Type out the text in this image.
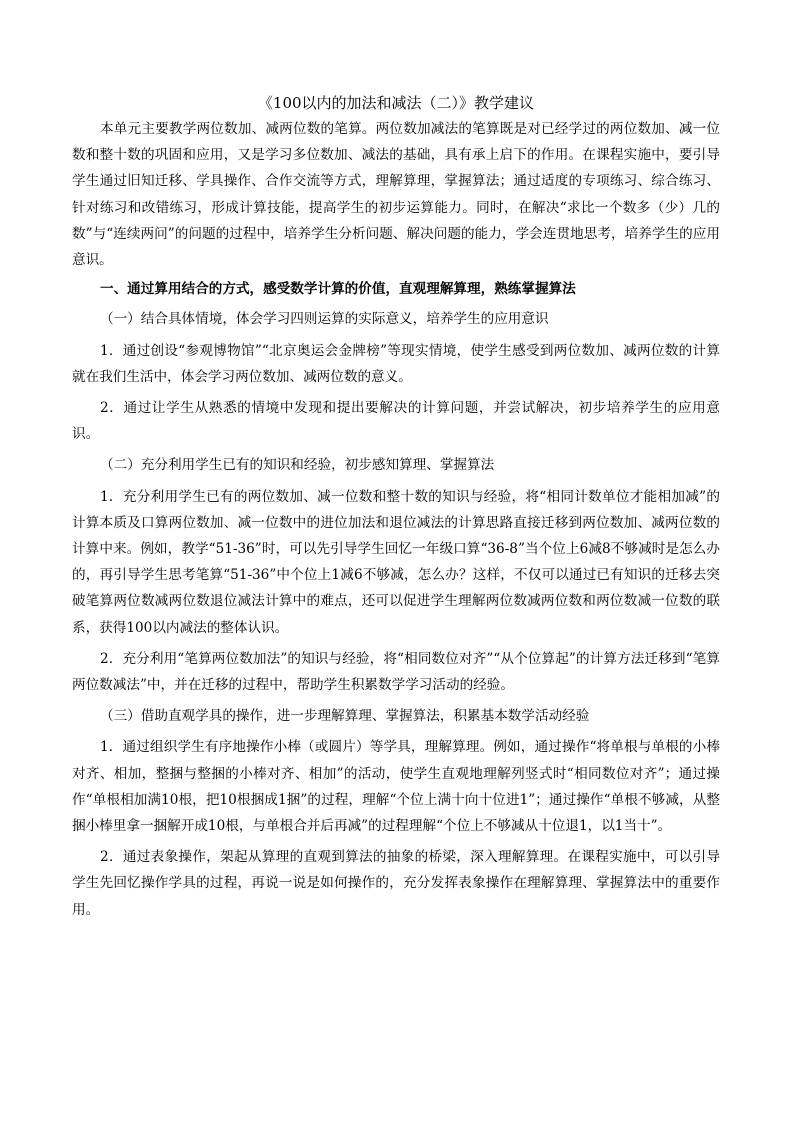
《100以内的加法和减法（二）》教学建议

本单元主要教学两位数加、减两位数的笔算。两位数加减法的笔算既是对已经学过的两位数加、减一位数和整十数的巩固和应用，又是学习多位数加、减法的基础，具有承上启下的作用。在课程实施中，要引导学生通过旧知迁移、学具操作、合作交流等方式，理解算理，掌握算法；通过适度的专项练习、综合练习、针对练习和改错练习，形成计算技能，提高学生的初步运算能力。同时，在解决“求比一个数多（少）几的数”与“连续两问”的问题的过程中，培养学生分析问题、解决问题的能力，学会连贯地思考，培养学生的应用意识。

一、通过算用结合的方式，感受数学计算的价值，直观理解算理，熟练掌握算法

（一）结合具体情境，体会学习四则运算的实际意义，培养学生的应用意识

1．通过创设“参观博物馆”“北京奥运会金牌榜”等现实情境，使学生感受到两位数加、减两位数的计算就在我们生活中，体会学习两位数加、减两位数的意义。

2．通过让学生从熟悉的情境中发现和提出要解决的计算问题，并尝试解决，初步培养学生的应用意识。

（二）充分利用学生已有的知识和经验，初步感知算理、掌握算法

1．充分利用学生已有的两位数加、减一位数和整十数的知识与经验，将“相同计数单位才能相加减”的计算本质及口算两位数加、减一位数中的进位加法和退位减法的计算思路直接迁移到两位数加、减两位数的计算中来。例如，教学“51-36”时，可以先引导学生回忆一年级口算“36-8”当个位上6减8不够减时是怎么办的，再引导学生思考笔算“51-36”中个位上1减6不够减，怎么办？这样，不仅可以通过已有知识的迁移去突破笔算两位数减两位数退位减法计算中的难点，还可以促进学生理解两位数减两位数和两位数减一位数的联系，获得100以内减法的整体认识。

2．充分利用“笔算两位数加法”的知识与经验，将“相同数位对齐”“从个位算起”的计算方法迁移到“笔算两位数减法”中，并在迁移的过程中，帮助学生积累数学学习活动的经验。

（三）借助直观学具的操作，进一步理解算理、掌握算法，积累基本数学活动经验

1．通过组织学生有序地操作小棒（或圆片）等学具，理解算理。例如，通过操作“将单根与单根的小棒对齐、相加，整捆与整捆的小棒对齐、相加”的活动，使学生直观地理解列竖式时“相同数位对齐”；通过操作“单根相加满10根，把10根捆成1捆”的过程，理解“个位上满十向十位进1”；通过操作“单根不够减，从整捆小棒里拿一捆解开成10根，与单根合并后再减”的过程理解“个位上不够减从十位退1，以1当十”。

2．通过表象操作，架起从算理的直观到算法的抽象的桥梁，深入理解算理。在课程实施中，可以引导学生先回忆操作学具的过程，再说一说是如何操作的，充分发挥表象操作在理解算理、掌握算法中的重要作用。
